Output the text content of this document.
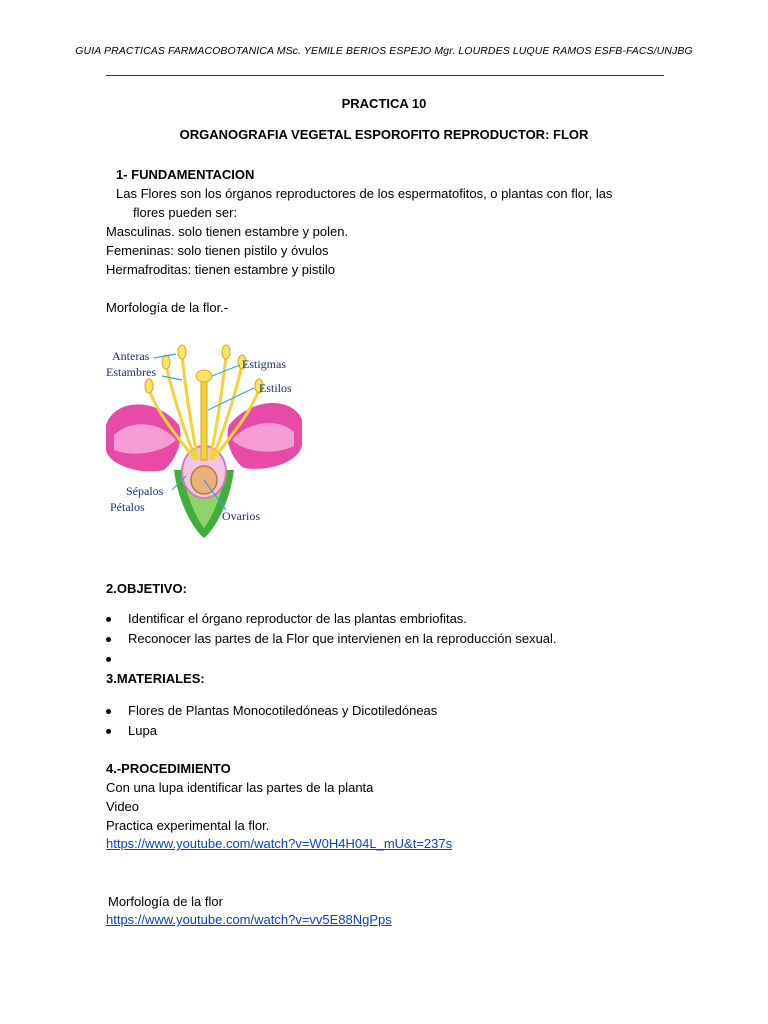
GUIA PRACTICAS FARMACOBOTANICA MSc. YEMILE BERIOS ESPEJO Mgr. LOURDES LUQUE RAMOS ESFB-FACS/UNJBG
PRACTICA 10
ORGANOGRAFIA VEGETAL ESPOROFITO REPRODUCTOR: FLOR
1- FUNDAMENTACION
Las Flores son los órganos reproductores de los espermatofitos, o plantas con flor, las
flores pueden ser:
Masculinas. solo tienen estambre y polen.
Femeninas: solo tienen pistilo y óvulos
Hermafroditas: tienen estambre y pistilo
Morfología de la flor.-
Anteras
Estambres
Estigmas
Estilos
Sépalos
Pétalos
Ovarios
2.OBJETIVO:
Identificar el órgano reproductor de las plantas embriofitas.
Reconocer las partes de la Flor que intervienen en la reproducción sexual.
3.MATERIALES:
Flores de Plantas Monocotiledóneas y Dicotiledóneas
Lupa
4.-PROCEDIMIENTO
Con una lupa identificar las partes de la planta
Video
Practica experimental la flor.
https://www.youtube.com/watch?v=W0H4H04L_mU&t=237s
Morfología de la flor
https://www.youtube.com/watch?v=vv5E88NgPps
